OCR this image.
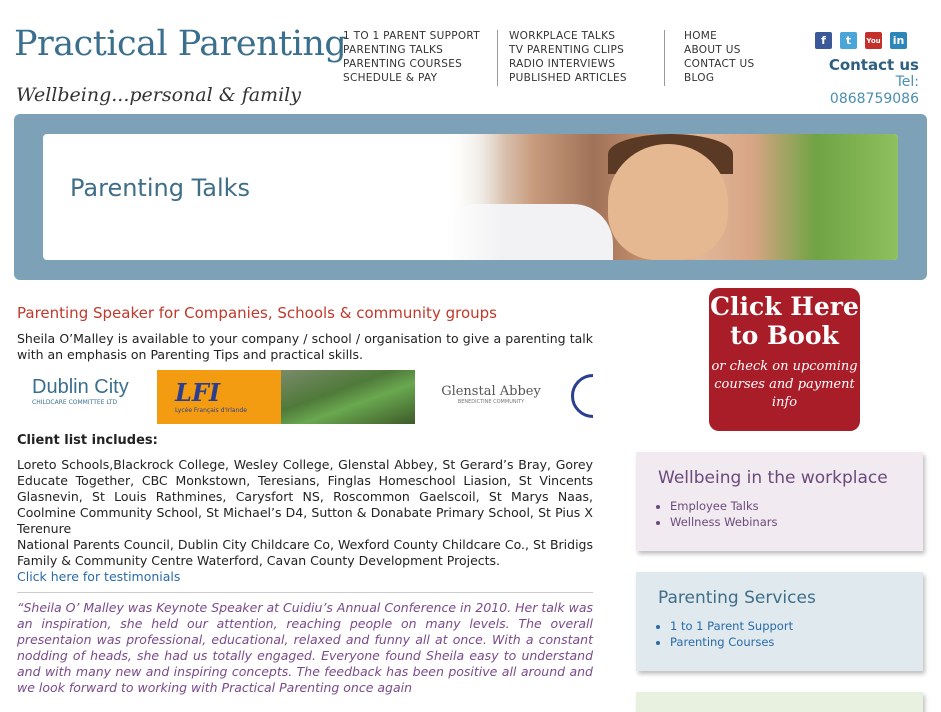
Practical Parenting
Wellbeing...personal & family
1 TO 1 PARENT SUPPORT
PARENTING TALKS
PARENTING COURSES
SCHEDULE & PAY
WORKPLACE TALKS
TV PARENTING CLIPS
RADIO INTERVIEWS
PUBLISHED ARTICLES
HOME
ABOUT US
CONTACT US
BLOG
f	t	You in
Contact us
Tel:
0868759086
Parenting Talks
Parenting Speaker for Companies, Schools & community groups
Sheila O’Malley is available to your company / school / organisation to give a parenting talk with an emphasis on Parenting Tips and practical skills.
Dublin City
CHILDCARE COMMITTEE LTD	LFI
Lycée Français d'Irlande
Glenstal Abbey
BENEDICTINE COMMUNITY
Client list includes:
Loreto Schools,Blackrock College, Wesley College, Glenstal Abbey, St Gerard’s Bray, Gorey Educate Together, CBC Monkstown, Teresians, Finglas Homeschool Liasion, St Vincents Glasnevin, St Louis Rathmines, Carysfort NS, Roscommon Gaelscoil, St Marys Naas, Coolmine Community School, St Michael’s D4, Sutton & Donabate Primary School, St Pius X Terenure
National Parents Council, Dublin City Childcare Co, Wexford County Childcare Co., St Bridigs Family & Community Centre Waterford, Cavan County Development Projects.
Click here for testimonials
“Sheila O’ Malley was Keynote Speaker at Cuidiu’s Annual Conference in 2010. Her talk was an inspiration, she held our attention, reaching people on many levels. The overall presentaion was professional, educational, relaxed and funny all at once. With a constant nodding of heads, she had us totally engaged. Everyone found Sheila easy to understand and with many new and inspiring concepts. The feedback has been positive all around and we look forward to working with Practical Parenting once again
Click Here to Book
or check on upcoming courses and payment info
Wellbeing in the workplace
• Employee Talks
• Wellness Webinars
Parenting Services
• 1 to 1 Parent Support
• Parenting Courses
